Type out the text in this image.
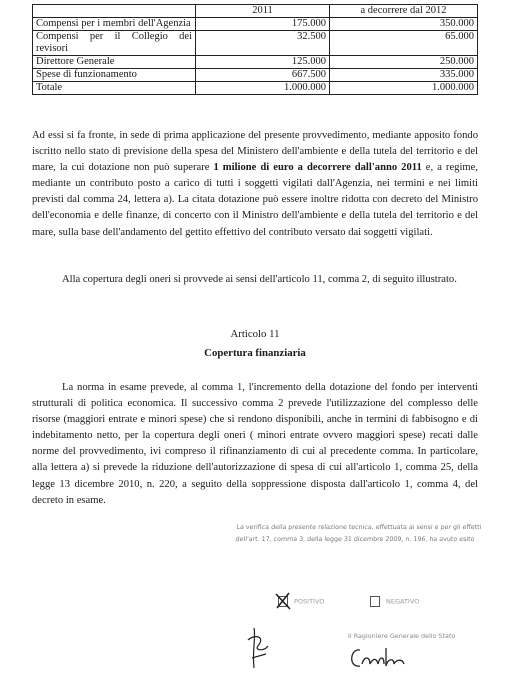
	2011	a decorrere dal 2012
Compensi per i membri dell'Agenzia	175.000	350.000
Compensi per il Collegio dei revisori	32.500	65.000
Direttore Generale	125.000	250.000
Spese di funzionamento	667.500	335.000
Totale	1.000.000	1.000.000

Ad essi si fa fronte, in sede di prima applicazione del presente provvedimento, mediante apposito fondo iscritto nello stato di previsione della spesa del Ministero dell'ambiente e della tutela del territorio e del mare, la cui dotazione non può superare 1 milione di euro a decorrere dall'anno 2011 e, a regime, mediante un contributo posto a carico di tutti i soggetti vigilati dall'Agenzia, nei termini e nei limiti previsti dal comma 24, lettera a). La citata dotazione può essere inoltre ridotta con decreto del Ministro dell'economia e delle finanze, di concerto con il Ministro dell'ambiente e della tutela del territorio e del mare, sulla base dell'andamento del gettito effettivo del contributo versato dai soggetti vigilati.

Alla copertura degli oneri si provvede ai sensi dell'articolo 11, comma 2, di seguito illustrato.

Articolo 11

Copertura finanziaria

La norma in esame prevede, al comma 1, l'incremento della dotazione del fondo per interventi strutturali di politica economica. Il successivo comma 2 prevede l'utilizzazione del complesso delle risorse (maggiori entrate e minori spese) che si rendono disponibili, anche in termini di fabbisogno e di indebitamento netto, per la copertura degli oneri ( minori entrate ovvero maggiori spese) recati dalle norme del provvedimento, ivi compreso il rifinanziamento di cui al precedente comma. In particolare, alla lettera a) si prevede la riduzione dell'autorizzazione di spesa di cui all'articolo 1, comma 25, della legge 13 dicembre 2010, n. 220, a seguito della soppressione disposta dall'articolo 1, comma 4, del decreto in esame.

La verifica della presente relazione tecnica, effettuata ai sensi e per gli effetti dell'art. 17, comma 3, della legge 31 dicembre 2009, n. 196, ha avuto esito
POSITIVO	NEGATIVO
Il Ragioniere Generale dello Stato
